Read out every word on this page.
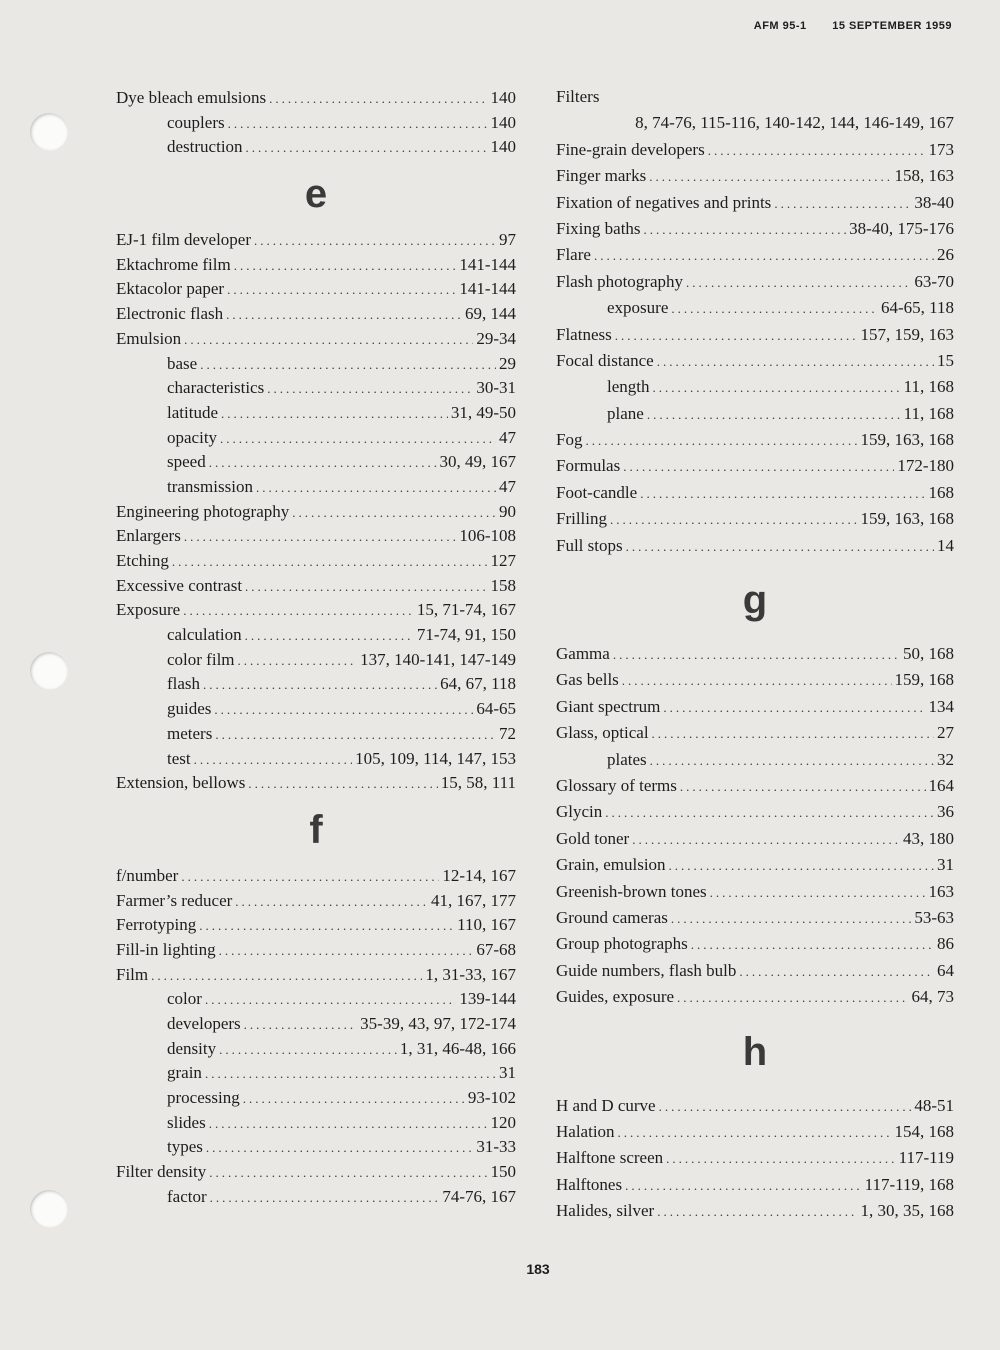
AFM 95-1 15 SEPTEMBER 1959
Dye bleach emulsions .....	140
couplers .....	140
destruction .....	140
e
EJ-1 film developer .....	97
Ektachrome film .....	141-144
Ektacolor paper .....	141-144
Electronic flash .....	69, 144
Emulsion .....	29-34
base .....	29
characteristics .....	30-31
latitude .....	31, 49-50
opacity .....	47
speed .....	30, 49, 167
transmission .....	47
Engineering photography .....	90
Enlargers .....	106-108
Etching .....	127
Excessive contrast .....	158
Exposure .....	15, 71-74, 167
calculation .....	71-74, 91, 150
color film .....	137, 140-141, 147-149
flash .....	64, 67, 118
guides .....	64-65
meters .....	72
test .....	105, 109, 114, 147, 153
Extension, bellows .....	15, 58, 111
f
f/number .....	12-14, 167
Farmer’s reducer .....	41, 167, 177
Ferrotyping .....	110, 167
Fill-in lighting .....	67-68
Film .....	1, 31-33, 167
color .....	139-144
developers .....	35-39, 43, 97, 172-174
density .....	1, 31, 46-48, 166
grain .....	31
processing .....	93-102
slides .....	120
types .....	31-33
Filter density .....	150
factor .....	74-76, 167
Filters
8, 74-76, 115-116, 140-142, 144, 146-149, 167
Fine-grain developers .....	173
Finger marks .....	158, 163
Fixation of negatives and prints .....	38-40
Fixing baths .....	38-40, 175-176
Flare .....	26
Flash photography .....	63-70
exposure .....	64-65, 118
Flatness .....	157, 159, 163
Focal distance .....	15
length .....	11, 168
plane .....	11, 168
Fog .....	159, 163, 168
Formulas .....	172-180
Foot-candle .....	168
Frilling .....	159, 163, 168
Full stops .....	14
g
Gamma .....	50, 168
Gas bells .....	159, 168
Giant spectrum .....	134
Glass, optical .....	27
plates .....	32
Glossary of terms .....	164
Glycin .....	36
Gold toner .....	43, 180
Grain, emulsion .....	31
Greenish-brown tones .....	163
Ground cameras .....	53-63
Group photographs .....	86
Guide numbers, flash bulb .....	64
Guides, exposure .....	64, 73
h
H and D curve .....	48-51
Halation .....	154, 168
Halftone screen .....	117-119
Halftones .....	117-119, 168
Halides, silver .....	1, 30, 35, 168
183
